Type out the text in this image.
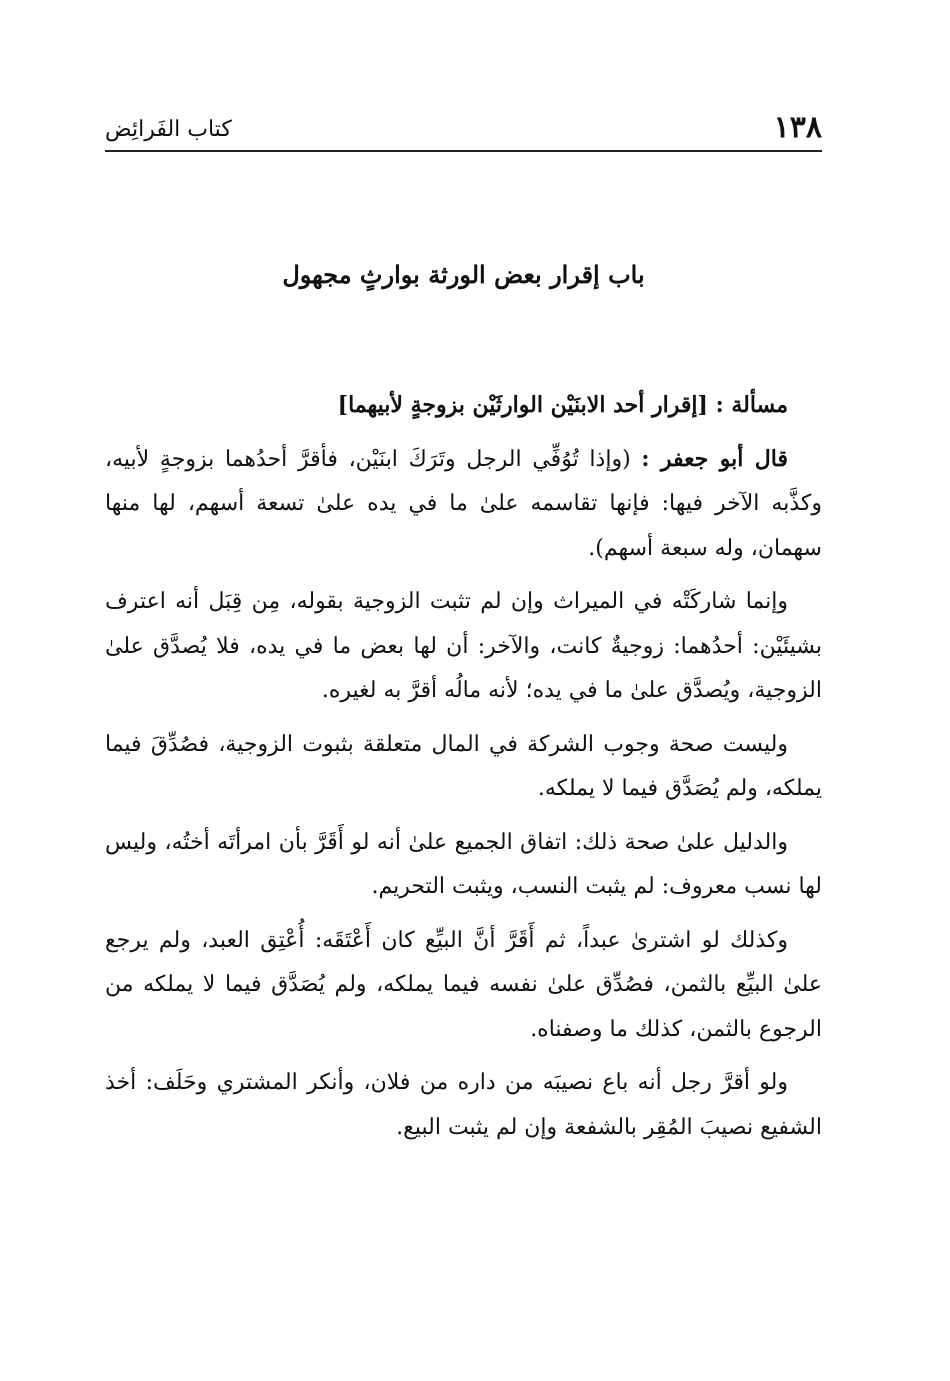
١٣٨
كتاب الفَرائِض
باب إقرار بعض الورثة بوارثٍ مجهول

مسألة : [إقرار أحد الابنَيْن الوارثَيْن بزوجةٍ لأبيهما]

قال أبو جعفر : (وإذا تُوُفِّي الرجل وتَرَكَ ابنَيْن، فأقرَّ أحدُهما بزوجةٍ لأبيه، وكذَّبه الآخر فيها: فإنها تقاسمه علىٰ ما في يده علىٰ تسعة أسهم، لها منها سهمان، وله سبعة أسهم).

وإنما شاركَتْه في الميراث وإن لم تثبت الزوجية بقوله، مِن قِبَل أنه اعترف بشيئَيْن: أحدُهما: زوجيةٌ كانت، والآخر: أن لها بعض ما في يده، فلا يُصدَّق علىٰ الزوجية، ويُصدَّق علىٰ ما في يده؛ لأنه مالُه أقرَّ به لغيره.

وليست صحة وجوب الشركة في المال متعلقة بثبوت الزوجية، فصُدِّقَ فيما يملكه، ولم يُصَدَّق فيما لا يملكه.

والدليل علىٰ صحة ذلك: اتفاق الجميع علىٰ أنه لو أَقَرَّ بأن امرأتَه أختُه، وليس لها نسب معروف: لم يثبت النسب، ويثبت التحريم.

وكذلك لو اشترىٰ عبداً، ثم أَقَرَّ أنَّ البيِّع كان أَعْتَقَه: أُعْتِق العبد، ولم يرجع علىٰ البيِّع بالثمن، فصُدِّق علىٰ نفسه فيما يملكه، ولم يُصَدَّق فيما لا يملكه من الرجوع بالثمن، كذلك ما وصفناه.

ولو أقرَّ رجل أنه باع نصيبَه من داره من فلان، وأنكر المشتري وحَلَف: أخذ الشفيع نصيبَ المُقِر بالشفعة وإن لم يثبت البيع.
